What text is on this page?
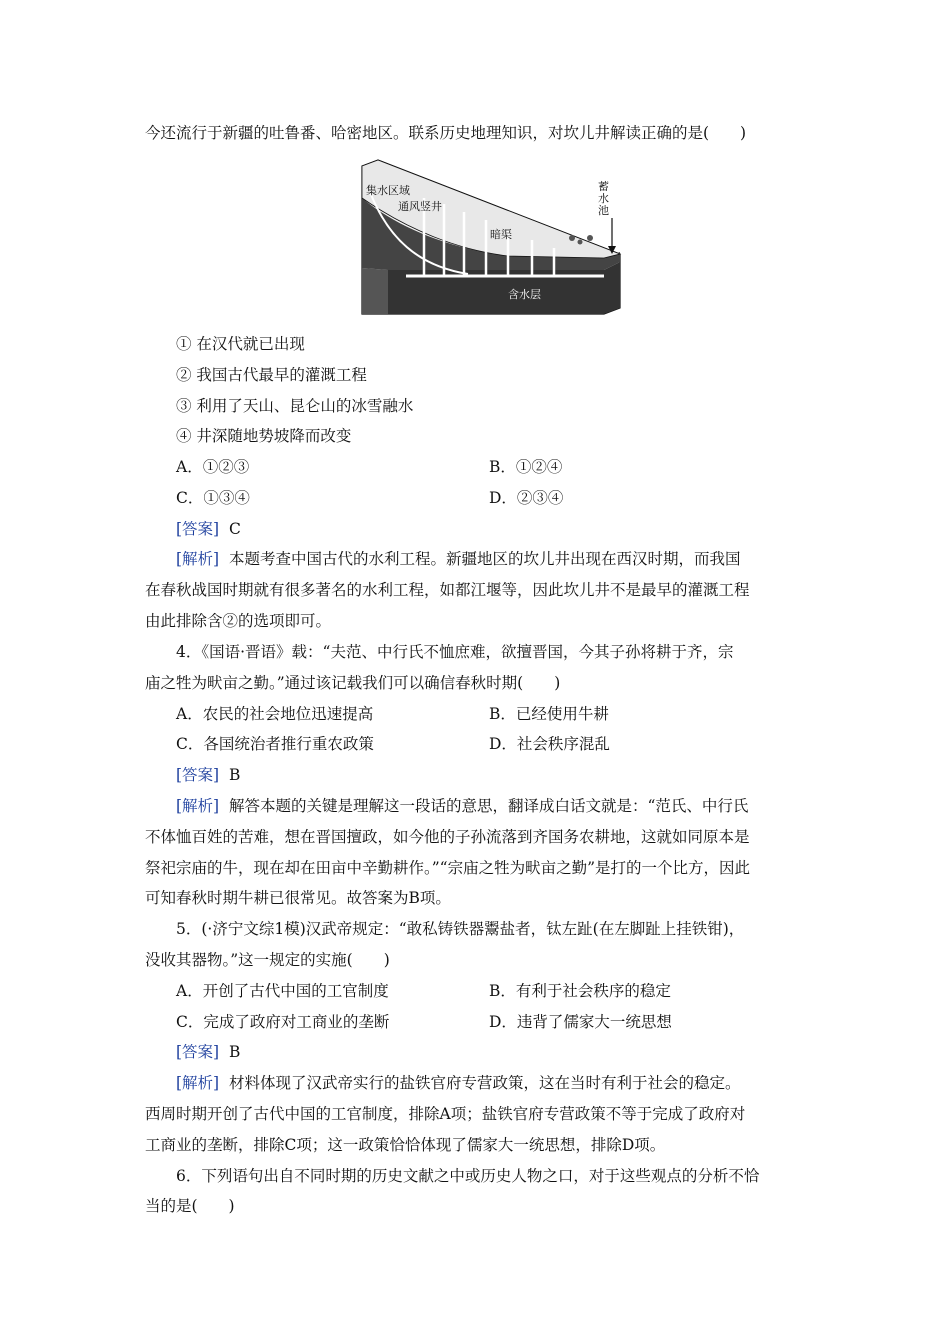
今还流行于新疆的吐鲁番、哈密地区。联系历史地理知识，对坎儿井解读正确的是(　　)
集水区域
通风竖井
暗渠
蓄
水
池
含水层
① 在汉代就已出现
② 我国古代最早的灌溉工程
③ 利用了天山、昆仑山的冰雪融水
④ 井深随地势坡降而改变
A．①②③	B．①②④
C．①③④	D．②③④
[答案] C
[解析] 本题考查中国古代的水利工程。新疆地区的坎儿井出现在西汉时期，而我国
在春秋战国时期就有很多著名的水利工程，如都江堰等，因此坎儿井不是最早的灌溉工程
由此排除含②的选项即可。
4．《国语·晋语》载：“夫范、中行氏不恤庶难，欲擅晋国，今其子孙将耕于齐，宗
庙之牲为畎亩之勤。”通过该记载我们可以确信春秋时期(　　)
A．农民的社会地位迅速提高	B．已经使用牛耕
C．各国统治者推行重农政策	D．社会秩序混乱
[答案] B
[解析] 解答本题的关键是理解这一段话的意思，翻译成白话文就是：“范氏、中行氏
不体恤百姓的苦难，想在晋国擅政，如今他的子孙流落到齐国务农耕地，这就如同原本是
祭祀宗庙的牛，现在却在田亩中辛勤耕作。”“宗庙之牲为畎亩之勤”是打的一个比方，因此
可知春秋时期牛耕已很常见。故答案为B项。
5．(·济宁文综1模)汉武帝规定：“敢私铸铁器鬻盐者，钛左趾(在左脚趾上挂铁钳)，
没收其器物。”这一规定的实施(　　)
A．开创了古代中国的工官制度	B．有利于社会秩序的稳定
C．完成了政府对工商业的垄断	D．违背了儒家大一统思想
[答案] B
[解析] 材料体现了汉武帝实行的盐铁官府专营政策，这在当时有利于社会的稳定。
西周时期开创了古代中国的工官制度，排除A项；盐铁官府专营政策不等于完成了政府对
工商业的垄断，排除C项；这一政策恰恰体现了儒家大一统思想，排除D项。
6．下列语句出自不同时期的历史文献之中或历史人物之口，对于这些观点的分析不恰
当的是(　　)
